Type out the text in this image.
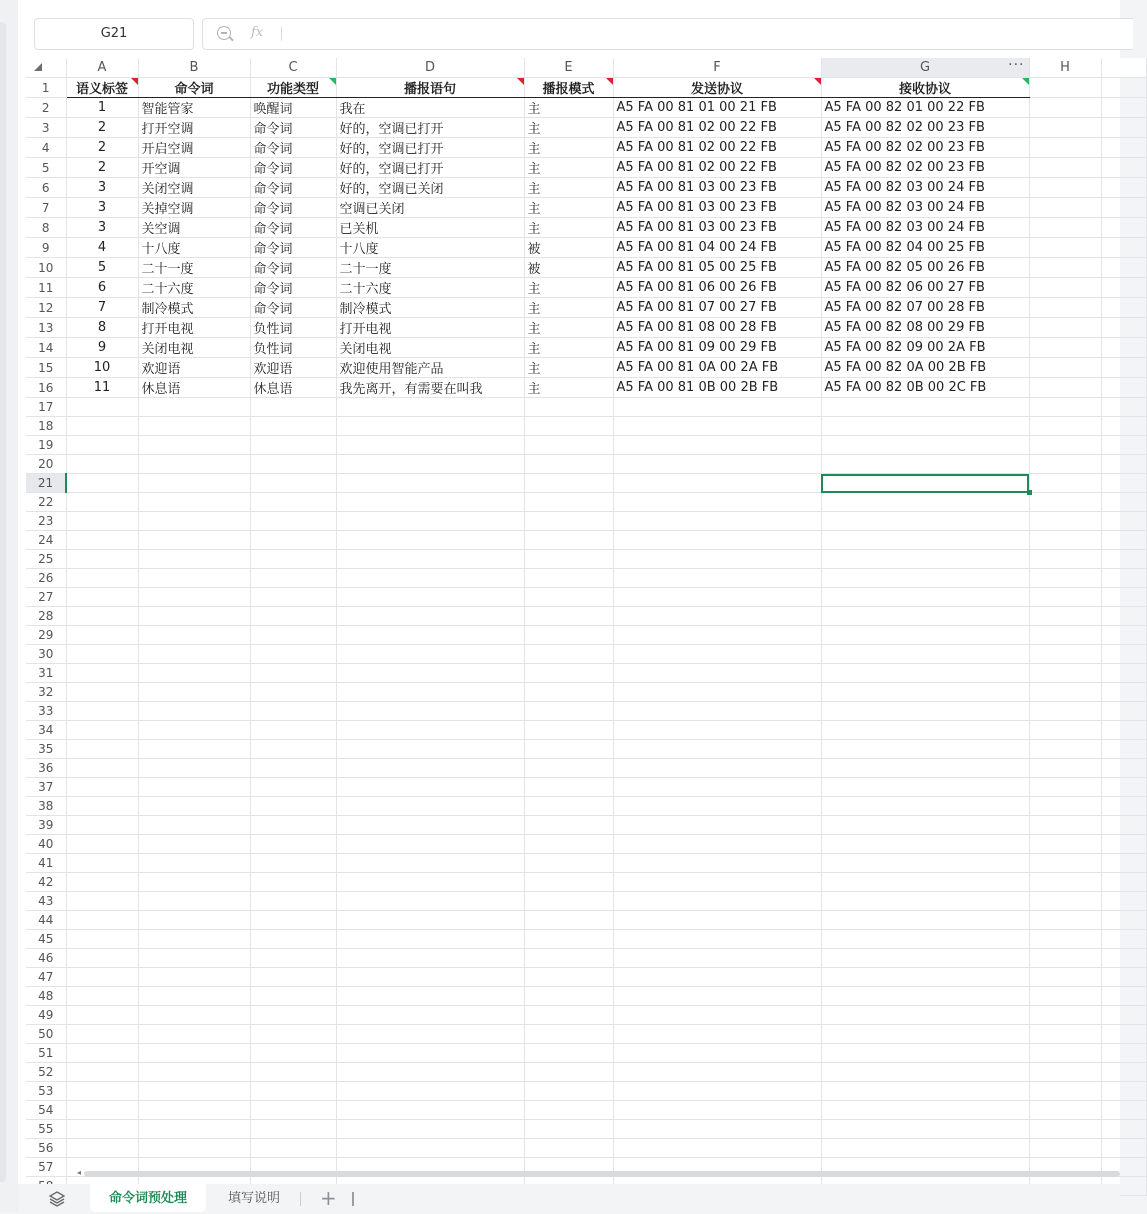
G21	fx
	A	B	C	D	E	F	G ···	H	
1	语义标签	命令词	功能类型	播报语句	播报模式	发送协议	接收协议		
2	1	智能管家	唤醒词	我在	主	A5 FA 00 81 01 00 21 FB	A5 FA 00 82 01 00 22 FB		
3	2	打开空调	命令词	好的，空调已打开	主	A5 FA 00 81 02 00 22 FB	A5 FA 00 82 02 00 23 FB		
4	2	开启空调	命令词	好的，空调已打开	主	A5 FA 00 81 02 00 22 FB	A5 FA 00 82 02 00 23 FB		
5	2	开空调	命令词	好的，空调已打开	主	A5 FA 00 81 02 00 22 FB	A5 FA 00 82 02 00 23 FB		
6	3	关闭空调	命令词	好的，空调已关闭	主	A5 FA 00 81 03 00 23 FB	A5 FA 00 82 03 00 24 FB		
7	3	关掉空调	命令词	空调已关闭	主	A5 FA 00 81 03 00 23 FB	A5 FA 00 82 03 00 24 FB		
8	3	关空调	命令词	已关机	主	A5 FA 00 81 03 00 23 FB	A5 FA 00 82 03 00 24 FB		
9	4	十八度	命令词	十八度	被	A5 FA 00 81 04 00 24 FB	A5 FA 00 82 04 00 25 FB		
10	5	二十一度	命令词	二十一度	被	A5 FA 00 81 05 00 25 FB	A5 FA 00 82 05 00 26 FB		
11	6	二十六度	命令词	二十六度	主	A5 FA 00 81 06 00 26 FB	A5 FA 00 82 06 00 27 FB		
12	7	制冷模式	命令词	制冷模式	主	A5 FA 00 81 07 00 27 FB	A5 FA 00 82 07 00 28 FB		
13	8	打开电视	负性词	打开电视	主	A5 FA 00 81 08 00 28 FB	A5 FA 00 82 08 00 29 FB		
14	9	关闭电视	负性词	关闭电视	主	A5 FA 00 81 09 00 29 FB	A5 FA 00 82 09 00 2A FB		
15	10	欢迎语	欢迎语	欢迎使用智能产品	主	A5 FA 00 81 0A 00 2A FB	A5 FA 00 82 0A 00 2B FB		
16	11	休息语	休息语	我先离开，有需要在叫我	主	A5 FA 00 81 0B 00 2B FB	A5 FA 00 82 0B 00 2C FB		
17									
18									
19									
20									
21							

22									
23									
24									
25									
26									
27									
28									
29									
30									
31									
32									
33									
34									
35									
36									
37									
38									
39									
40									
41									
42									
43									
44									
45									
46									
47									
48									
49									
50									
51									
52									
53									
54									
55									
56									
57									
										◂
命令词预处理	填写说明	+
